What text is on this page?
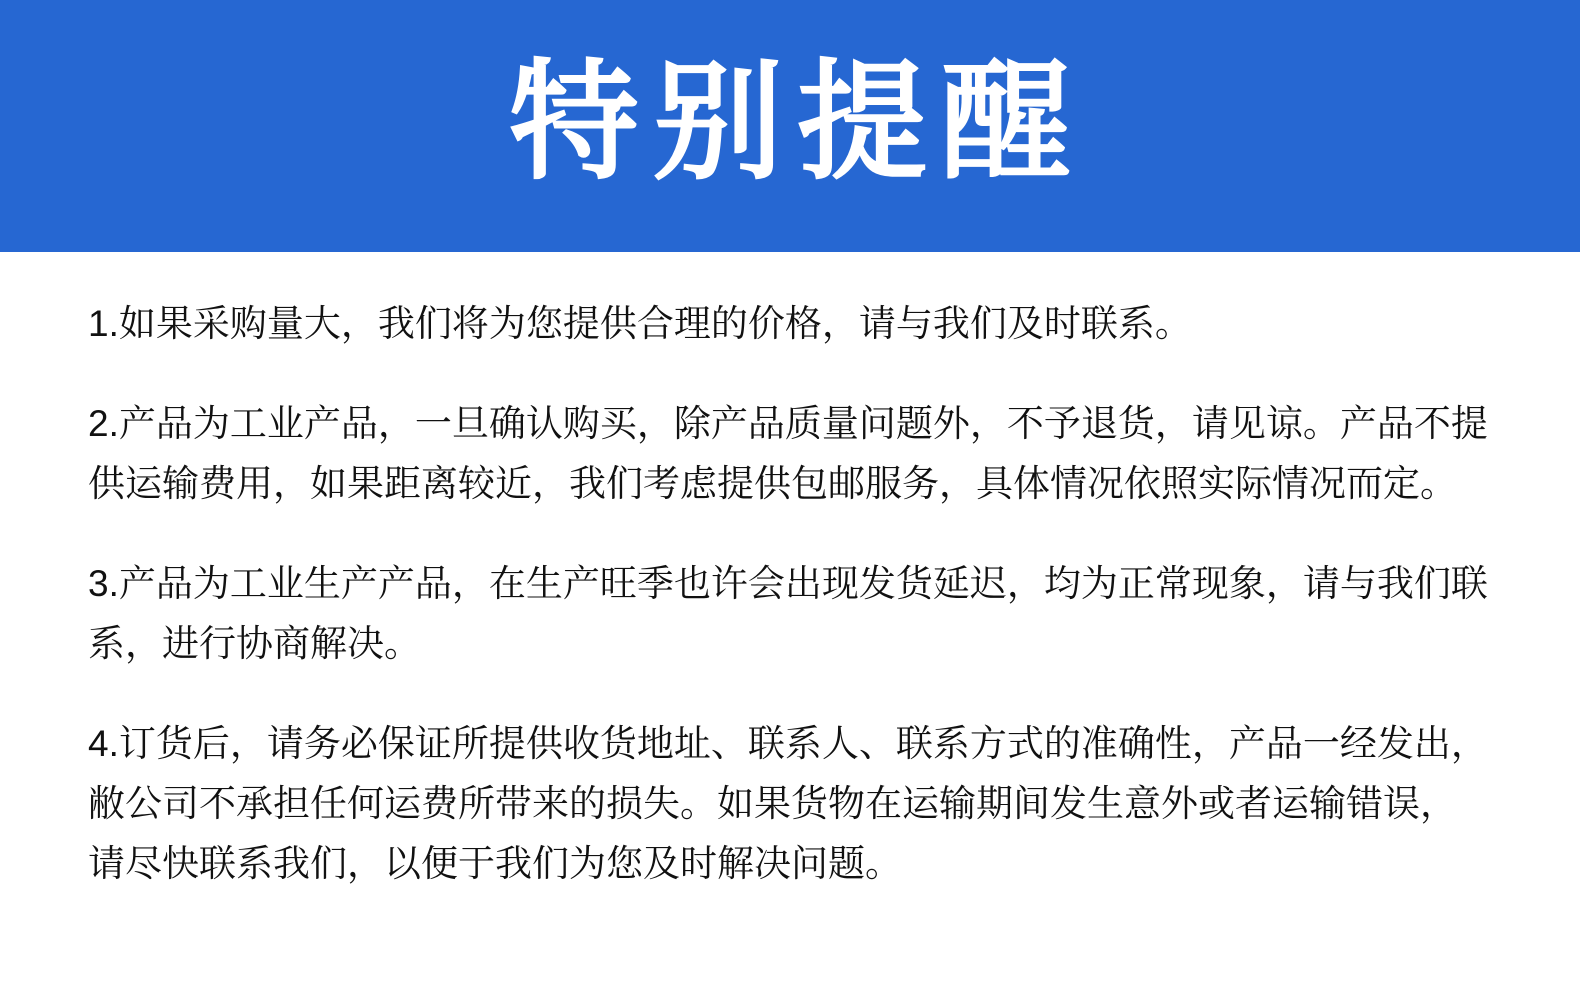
特别提醒

1.如果采购量大，我们将为您提供合理的价格，请与我们及时联系。

2.产品为工业产品，一旦确认购买，除产品质量问题外，不予退货，请见谅。产品不提供运输费用，如果距离较近，我们考虑提供包邮服务，具体情况依照实际情况而定。

3.产品为工业生产产品，在生产旺季也许会出现发货延迟，均为正常现象，请与我们联系，进行协商解决。

4.订货后，请务必保证所提供收货地址、联系人、联系方式的准确性，产品一经发出，敝公司不承担任何运费所带来的损失。如果货物在运输期间发生意外或者运输错误，请尽快联系我们，以便于我们为您及时解决问题。
